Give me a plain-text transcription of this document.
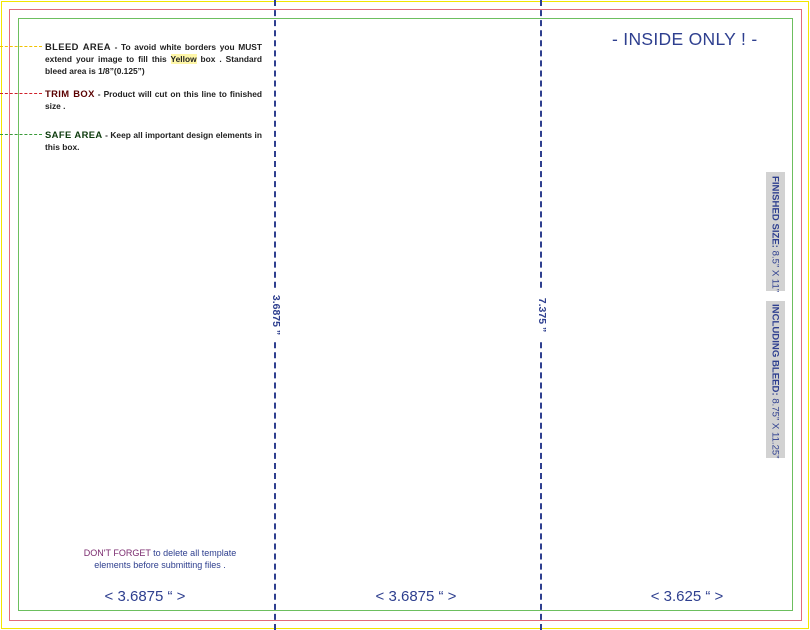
3.6875 ”	7.375 ”
BLEED AREA - To avoid white borders you MUST extend your image to fill this Yellow box . Standard bleed area is 1/8”(0.125”)
TRIM BOX - Product will cut on this line to finished size .
SAFE AREA - Keep all important design elements in this box.
- INSIDE ONLY ! -
FINISHED SIZE: 8.5” X 11”
INCLUDING BLEED: 8.75” X 11.25”
DON'T FORGET to delete all template
elements before submitting files .
< 3.6875 “ >	< 3.6875 “ >	< 3.625 “ >
